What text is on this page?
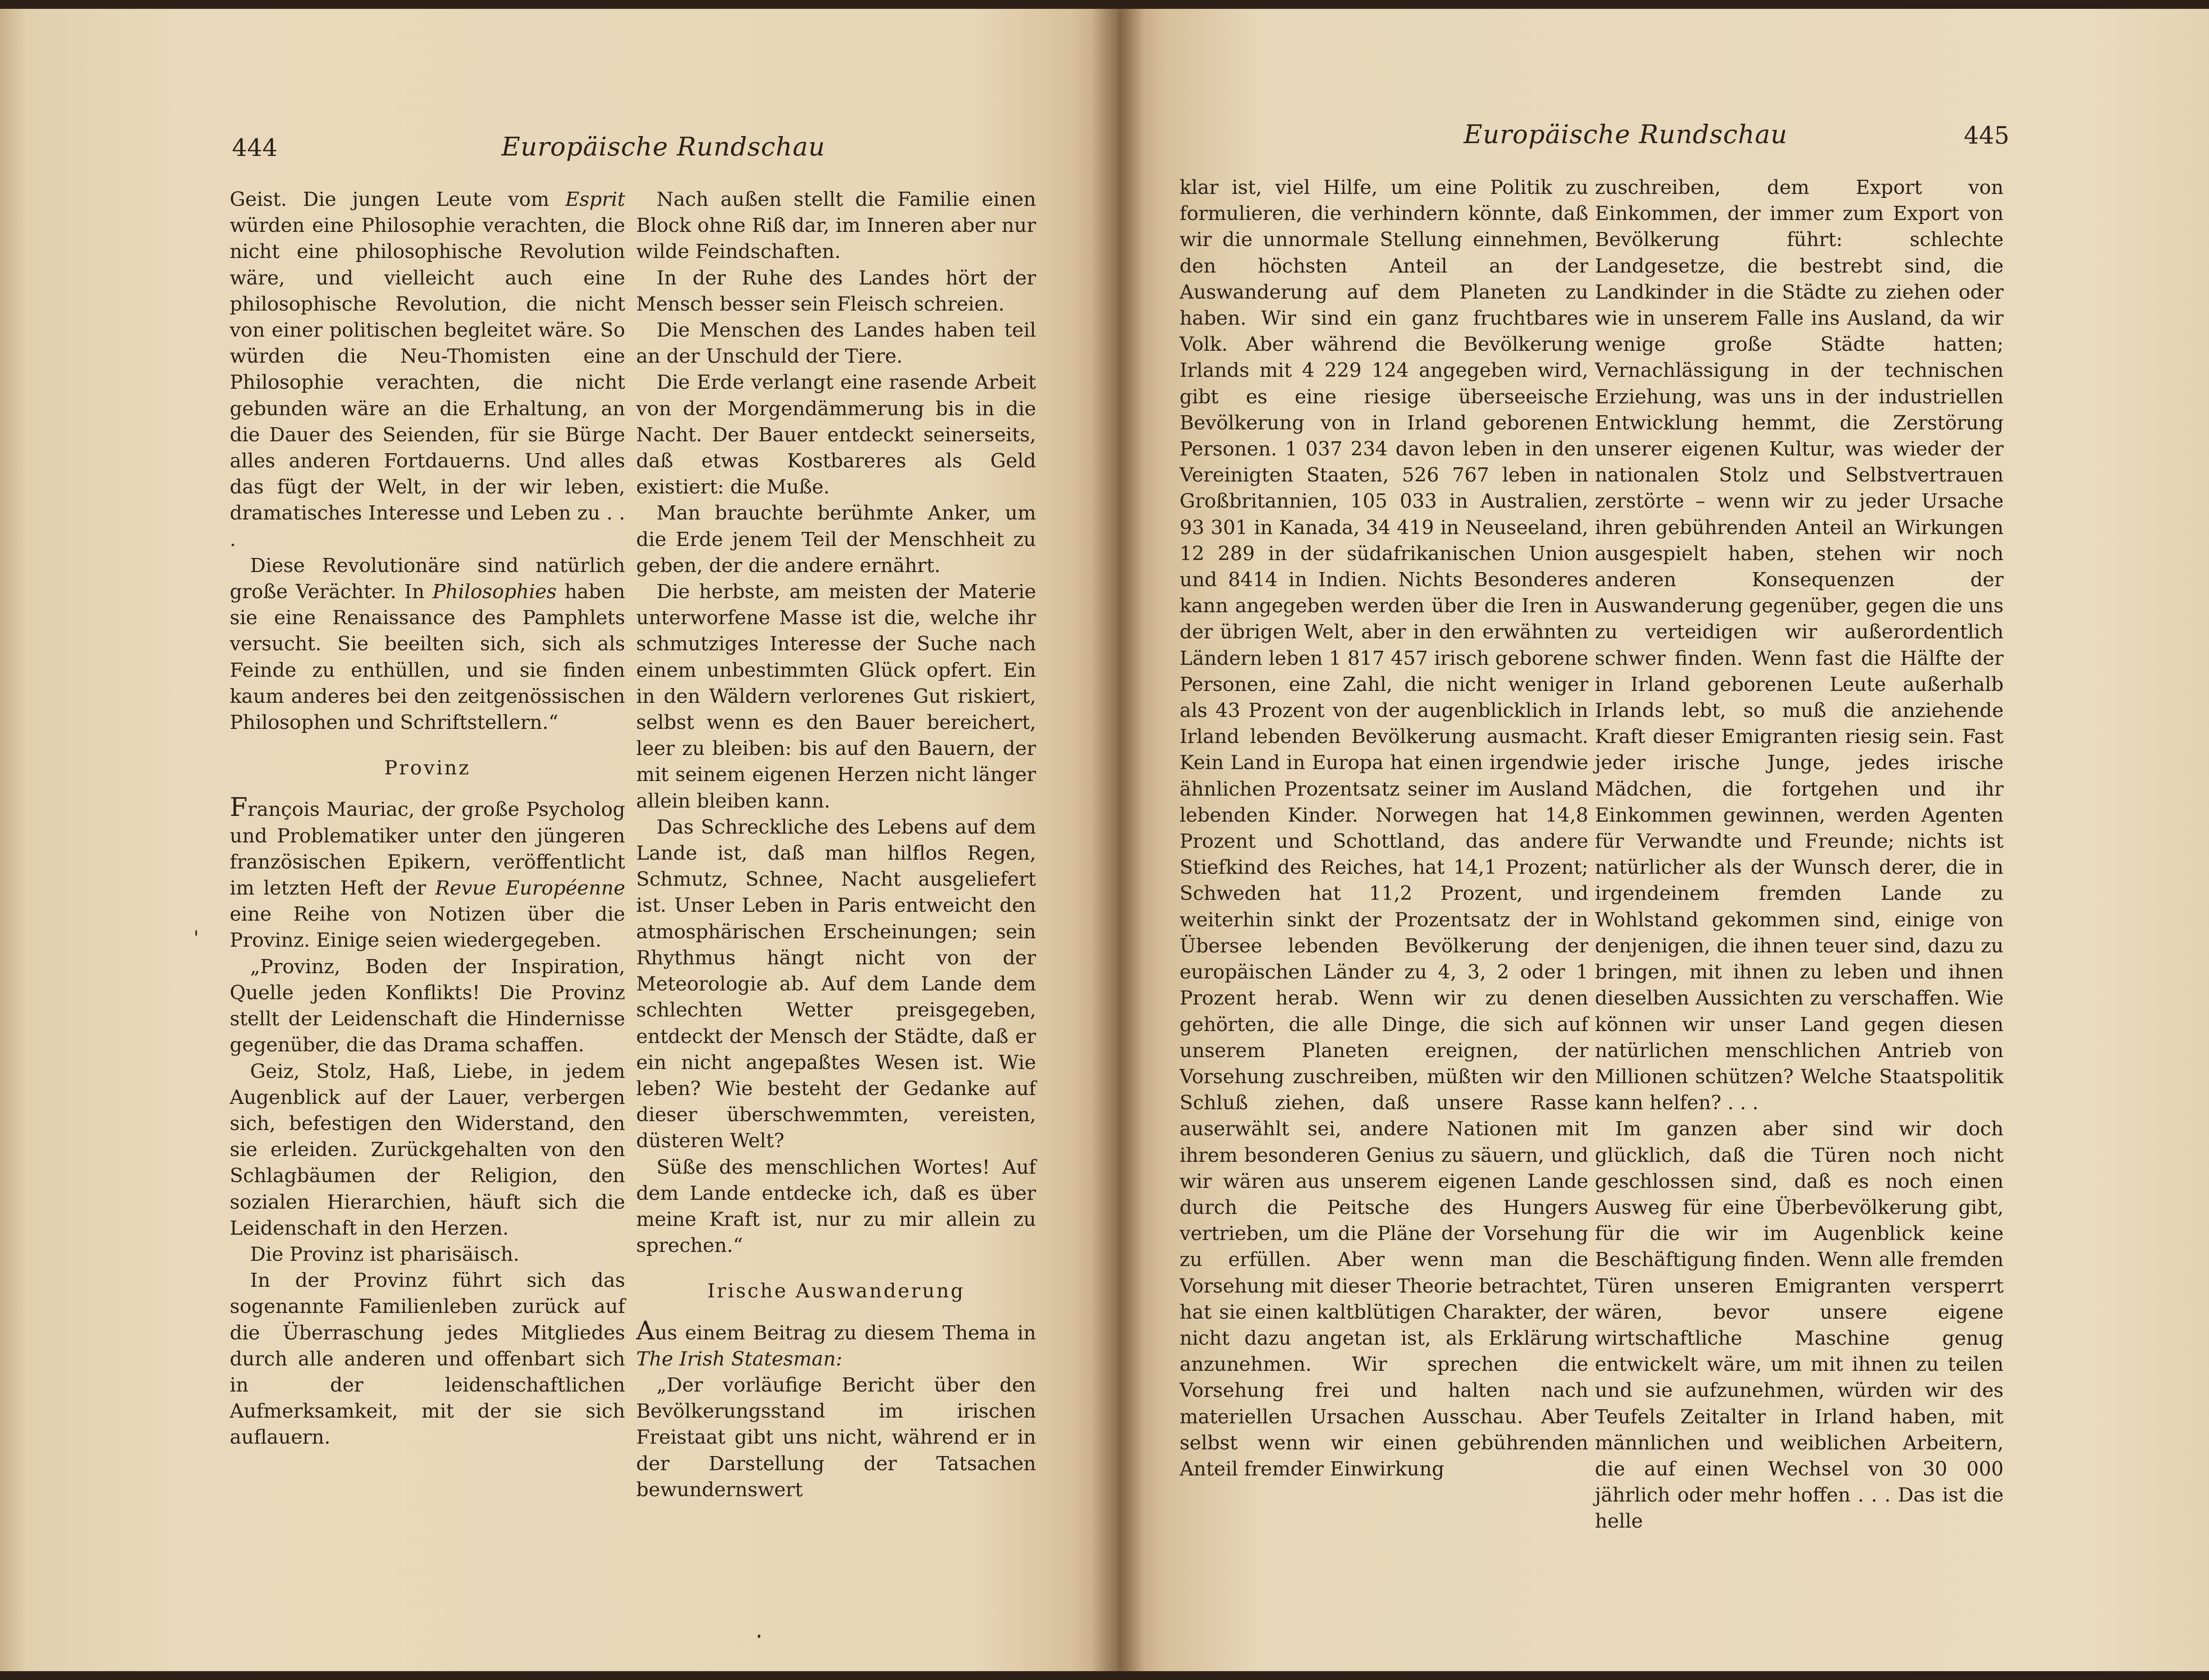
444	Europäische Rundschau

Geist. Die jungen Leute vom Esprit würden eine Philosophie verachten, die nicht eine philosophische Revolution wäre, und vielleicht auch eine philosophische Revolution, die nicht von einer politischen begleitet wäre. So würden die Neu-Thomisten eine Philosophie verachten, die nicht gebunden wäre an die Erhaltung, an die Dauer des Seienden, für sie Bürge alles anderen Fortdauerns. Und alles das fügt der Welt, in der wir leben, dramatisches Interesse und Leben zu . . .

Diese Revolutionäre sind natürlich große Verächter. In Philosophies haben sie eine Renaissance des Pamphlets versucht. Sie beeilten sich, sich als Feinde zu enthüllen, und sie finden kaum anderes bei den zeitgenössischen Philosophen und Schriftstellern.“

Provinz

François Mauriac, der große Psycholog und Problematiker unter den jüngeren französischen Epikern, veröffentlicht im letzten Heft der Revue Européenne eine Reihe von Notizen über die Provinz. Einige seien wiedergegeben.

„Provinz, Boden der Inspiration, Quelle jeden Konflikts! Die Provinz stellt der Leidenschaft die Hindernisse gegenüber, die das Drama schaffen.

Geiz, Stolz, Haß, Liebe, in jedem Augenblick auf der Lauer, verbergen sich, befestigen den Widerstand, den sie erleiden. Zurückgehalten von den Schlagbäumen der Religion, den sozialen Hierarchien, häuft sich die Leidenschaft in den Herzen.

Die Provinz ist pharisäisch.

In der Provinz führt sich das sogenannte Familienleben zurück auf die Überraschung jedes Mitgliedes durch alle anderen und offenbart sich in der leidenschaftlichen Aufmerksamkeit, mit der sie sich auflauern.

Nach außen stellt die Familie einen Block ohne Riß dar, im Inneren aber nur wilde Feindschaften.

In der Ruhe des Landes hört der Mensch besser sein Fleisch schreien.

Die Menschen des Landes haben teil an der Unschuld der Tiere.

Die Erde verlangt eine rasende Arbeit von der Morgendämmerung bis in die Nacht. Der Bauer entdeckt seinerseits, daß etwas Kostbareres als Geld existiert: die Muße.

Man brauchte berühmte Anker, um die Erde jenem Teil der Menschheit zu geben, der die andere ernährt.

Die herbste, am meisten der Materie unterworfene Masse ist die, welche ihr schmutziges Interesse der Suche nach einem unbestimmten Glück opfert. Ein in den Wäldern verlorenes Gut riskiert, selbst wenn es den Bauer bereichert, leer zu bleiben: bis auf den Bauern, der mit seinem eigenen Herzen nicht länger allein bleiben kann.

Das Schreckliche des Lebens auf dem Lande ist, daß man hilflos Regen, Schmutz, Schnee, Nacht ausgeliefert ist. Unser Leben in Paris entweicht den atmosphärischen Erscheinungen; sein Rhythmus hängt nicht von der Meteorologie ab. Auf dem Lande dem schlechten Wetter preisgegeben, entdeckt der Mensch der Städte, daß er ein nicht angepaßtes Wesen ist. Wie leben? Wie besteht der Gedanke auf dieser überschwemmten, vereisten, düsteren Welt?

Süße des menschlichen Wortes! Auf dem Lande entdecke ich, daß es über meine Kraft ist, nur zu mir allein zu sprechen.“

Irische Auswanderung

Aus einem Beitrag zu diesem Thema in The Irish Statesman:

„Der vorläufige Bericht über den Bevölkerungsstand im irischen Freistaat gibt uns nicht, während er in der Darstellung der Tatsachen bewundernswert

Europäische Rundschau	445

klar ist, viel Hilfe, um eine Politik zu formulieren, die verhindern könnte, daß wir die unnormale Stellung einnehmen, den höchsten Anteil an der Auswanderung auf dem Planeten zu haben. Wir sind ein ganz fruchtbares Volk. Aber während die Bevölkerung Irlands mit 4 229 124 angegeben wird, gibt es eine riesige überseeische Bevölkerung von in Irland geborenen Personen. 1 037 234 davon leben in den Vereinigten Staaten, 526 767 leben in Großbritannien, 105 033 in Australien, 93 301 in Kanada, 34 419 in Neuseeland, 12 289 in der südafrikanischen Union und 8414 in Indien. Nichts Besonderes kann angegeben werden über die Iren in der übrigen Welt, aber in den erwähnten Ländern leben 1 817 457 irisch geborene Personen, eine Zahl, die nicht weniger als 43 Prozent von der augenblicklich in Irland lebenden Bevölkerung ausmacht. Kein Land in Europa hat einen irgendwie ähnlichen Prozentsatz seiner im Ausland lebenden Kinder. Norwegen hat 14,8 Prozent und Schottland, das andere Stiefkind des Reiches, hat 14,1 Prozent; Schweden hat 11,2 Prozent, und weiterhin sinkt der Prozentsatz der in Übersee lebenden Bevölkerung der europäischen Länder zu 4, 3, 2 oder 1 Prozent herab. Wenn wir zu denen gehörten, die alle Dinge, die sich auf unserem Planeten ereignen, der Vorsehung zuschreiben, müßten wir den Schluß ziehen, daß unsere Rasse auserwählt sei, andere Nationen mit ihrem besonderen Genius zu säuern, und wir wären aus unserem eigenen Lande durch die Peitsche des Hungers vertrieben, um die Pläne der Vorsehung zu erfüllen. Aber wenn man die Vorsehung mit dieser Theorie betrachtet, hat sie einen kaltblütigen Charakter, der nicht dazu angetan ist, als Erklärung anzunehmen. Wir sprechen die Vorsehung frei und halten nach materiellen Ursachen Ausschau. Aber selbst wenn wir einen gebührenden Anteil fremder Einwirkung

zuschreiben, dem Export von Einkommen, der immer zum Export von Bevölkerung führt: schlechte Landgesetze, die bestrebt sind, die Landkinder in die Städte zu ziehen oder wie in unserem Falle ins Ausland, da wir wenige große Städte hatten; Vernachlässigung in der technischen Erziehung, was uns in der industriellen Entwicklung hemmt, die Zerstörung unserer eigenen Kultur, was wieder der nationalen Stolz und Selbstvertrauen zerstörte – wenn wir zu jeder Ursache ihren gebührenden Anteil an Wirkungen ausgespielt haben, stehen wir noch anderen Konsequenzen der Auswanderung gegenüber, gegen die uns zu verteidigen wir außerordentlich schwer finden. Wenn fast die Hälfte der in Irland geborenen Leute außerhalb Irlands lebt, so muß die anziehende Kraft dieser Emigranten riesig sein. Fast jeder irische Junge, jedes irische Mädchen, die fortgehen und ihr Einkommen gewinnen, werden Agenten für Verwandte und Freunde; nichts ist natürlicher als der Wunsch derer, die in irgendeinem fremden Lande zu Wohlstand gekommen sind, einige von denjenigen, die ihnen teuer sind, dazu zu bringen, mit ihnen zu leben und ihnen dieselben Aussichten zu verschaffen. Wie können wir unser Land gegen diesen natürlichen menschlichen Antrieb von Millionen schützen? Welche Staatspolitik kann helfen? . . .

Im ganzen aber sind wir doch glücklich, daß die Türen noch nicht geschlossen sind, daß es noch einen Ausweg für eine Überbevölkerung gibt, für die wir im Augenblick keine Beschäftigung finden. Wenn alle fremden Türen unseren Emigranten versperrt wären, bevor unsere eigene wirtschaftliche Maschine genug entwickelt wäre, um mit ihnen zu teilen und sie aufzunehmen, würden wir des Teufels Zeitalter in Irland haben, mit männlichen und weiblichen Arbeitern, die auf einen Wechsel von 30 000 jährlich oder mehr hoffen . . . Das ist die helle
